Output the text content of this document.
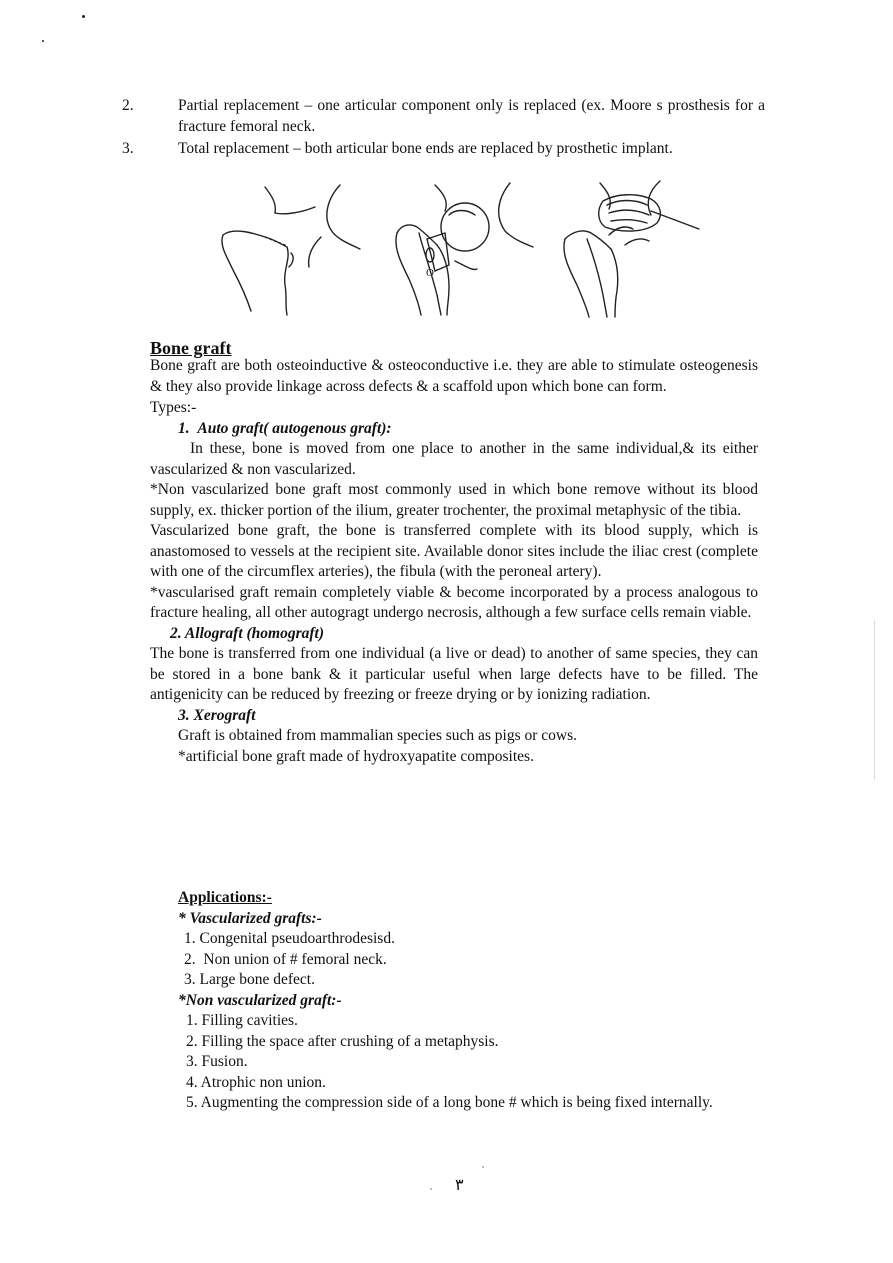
2.	Partial replacement – one articular component only is replaced (ex. Moore s prosthesis for a fracture femoral neck.

3.	Total replacement – both articular bone ends are replaced by prosthetic implant.

O
Bone graft

Bone graft are both osteoinductive & osteoconductive i.e. they are able to stimulate osteogenesis & they also provide linkage across defects & a scaffold upon which bone can form.

Types:-

1. Auto graft( autogenous graft):

In these, bone is moved from one place to another in the same individual,& its either vascularized & non vascularized.

*Non vascularized bone graft most commonly used in which bone remove without its blood supply, ex. thicker portion of the ilium, greater trochenter, the proximal metaphysic of the tibia.

Vascularized bone graft, the bone is transferred complete with its blood supply, which is anastomosed to vessels at the recipient site. Available donor sites include the iliac crest (complete with one of the circumflex arteries), the fibula (with the peroneal artery).

*vascularised graft remain completely viable & become incorporated by a process analogous to fracture healing, all other autogragt undergo necrosis, although a few surface cells remain viable.

2. Allograft (homograft)

The bone is transferred from one individual (a live or dead) to another of same species, they can be stored in a bone bank & it particular useful when large defects have to be filled. The antigenicity can be reduced by freezing or freeze drying or by ionizing radiation.

3. Xerograft

Graft is obtained from mammalian species such as pigs or cows.

*artificial bone graft made of hydroxyapatite composites.

Applications:-

* Vascularized grafts:-

1. Congenital pseudoarthrodesisd.

2. Non union of # femoral neck.

3. Large bone defect.

*Non vascularized graft:-

1. Filling cavities.

2. Filling the space after crushing of a metaphysis.

3. Fusion.

4. Atrophic non union.

5. Augmenting the compression side of a long bone # which is being fixed internally.

٣
